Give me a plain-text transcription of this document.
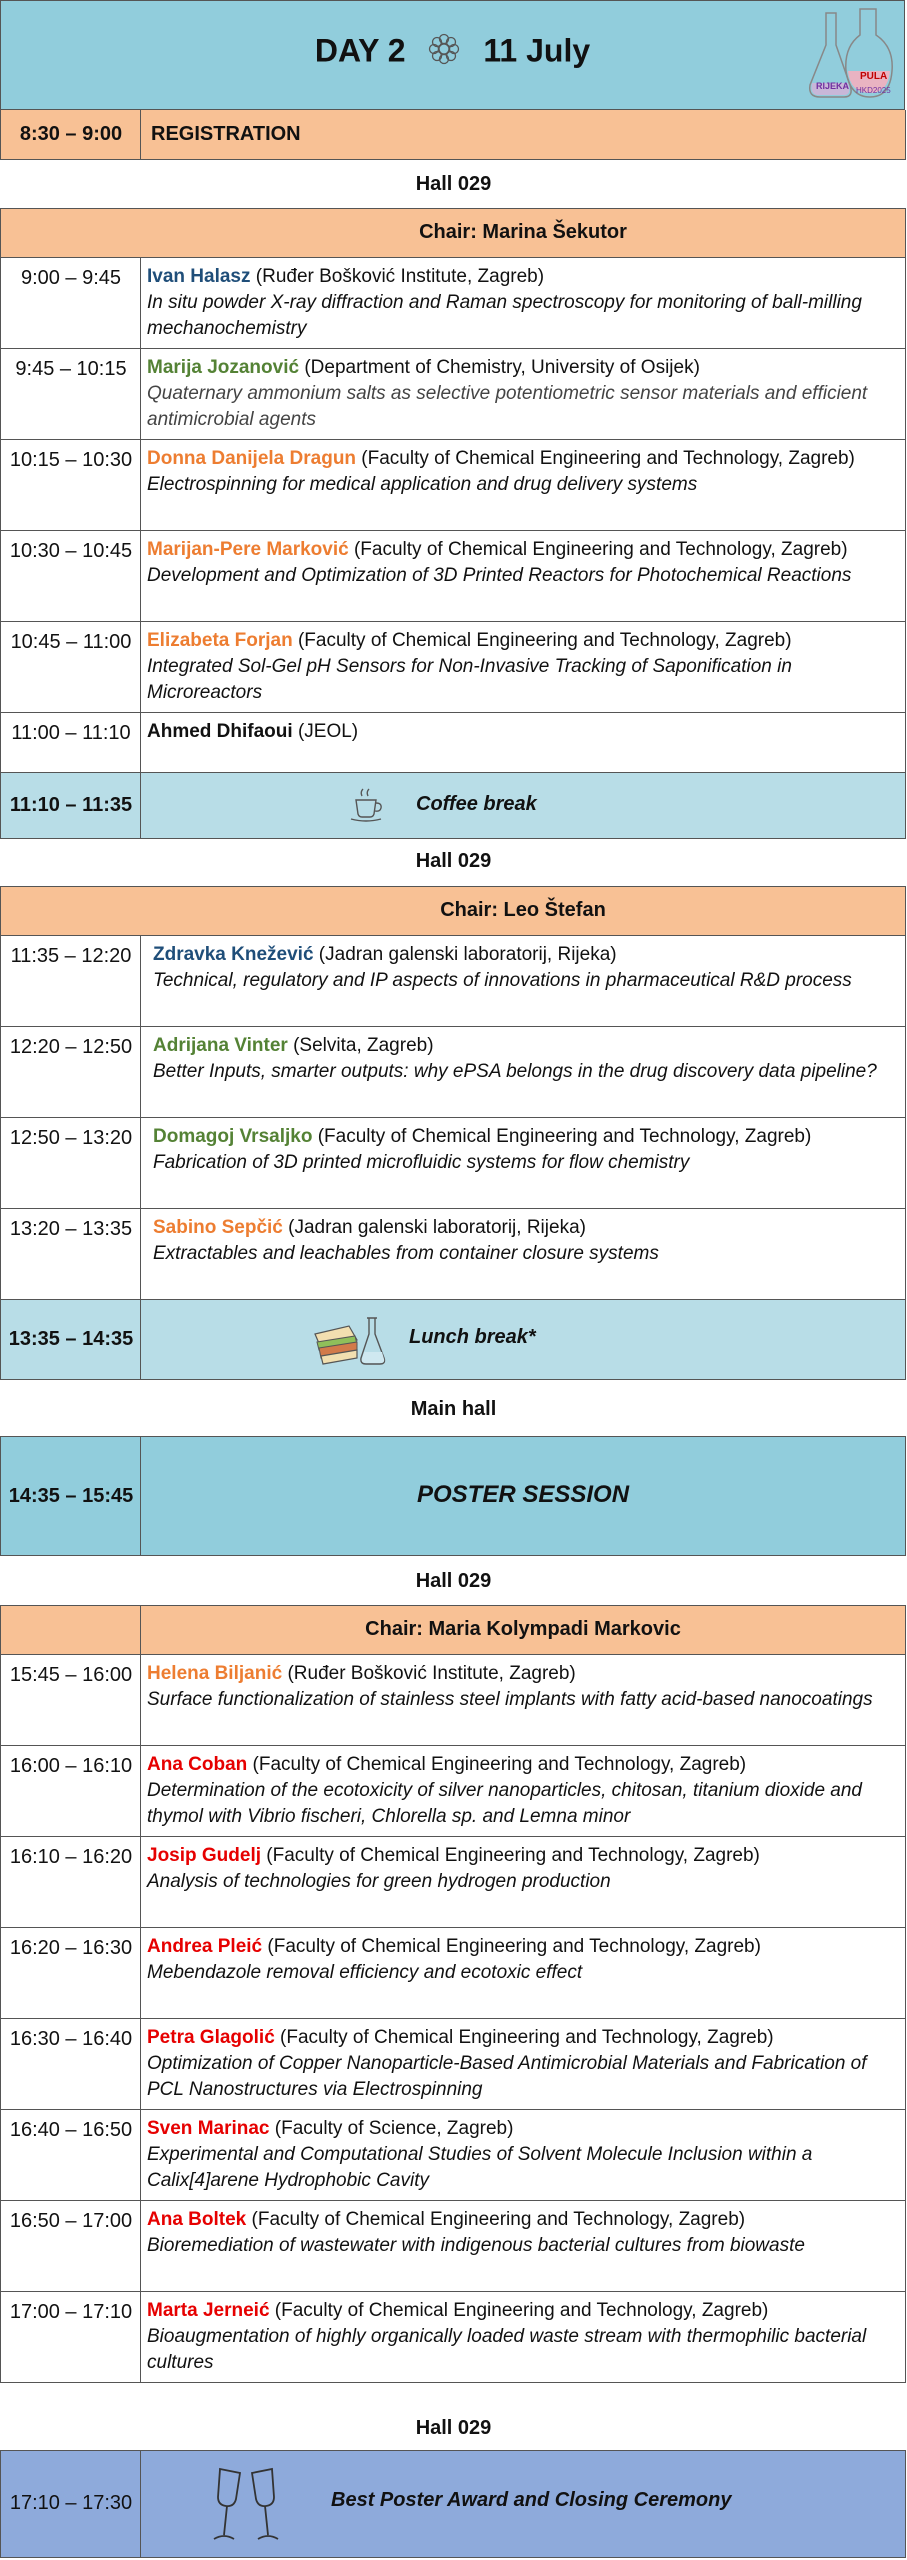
DAY 2 11 July
RIJEKA
PULA
HKD2025
8:30 – 9:00	REGISTRATION
Hall 029
Chair: Marina Šekutor
9:00 – 9:45	Ivan Halasz (Ruđer Bošković Institute, Zagreb)
In situ powder X-ray diffraction and Raman spectroscopy for monitoring of ball-milling mechanochemistry
9:45 – 10:15	Marija Jozanović (Department of Chemistry, University of Osijek)
Quaternary ammonium salts as selective potentiometric sensor materials and efficient antimicrobial agents
10:15 – 10:30 Donna Danijela Dragun (Faculty of Chemical Engineering and Technology, Zagreb)
Electrospinning for medical application and drug delivery systems
10:30 – 10:45 Marijan-Pere Marković (Faculty of Chemical Engineering and Technology, Zagreb)
Development and Optimization of 3D Printed Reactors for Photochemical Reactions
10:45 – 11:00 Elizabeta Forjan (Faculty of Chemical Engineering and Technology, Zagreb)
Integrated Sol-Gel pH Sensors for Non-Invasive Tracking of Saponification in Microreactors
11:00 – 11:10 Ahmed Dhifaoui (JEOL)
11:10 – 11:35	Coffee break
Hall 029
Chair: Leo Štefan
11:35 – 12:20	Zdravka Knežević (Jadran galenski laboratorij, Rijeka)
Technical, regulatory and IP aspects of innovations in pharmaceutical R&D process
12:20 – 12:50	Adrijana Vinter (Selvita, Zagreb)
Better Inputs, smarter outputs: why ePSA belongs in the drug discovery data pipeline?
12:50 – 13:20	Domagoj Vrsaljko (Faculty of Chemical Engineering and Technology, Zagreb)
Fabrication of 3D printed microfluidic systems for flow chemistry
13:20 – 13:35	Sabino Sepčić (Jadran galenski laboratorij, Rijeka)
Extractables and leachables from container closure systems
13:35 – 14:35	Lunch break*
Main hall
14:35 – 15:45	POSTER SESSION
Hall 029
Chair: Maria Kolympadi Markovic
15:45 – 16:00 Helena Biljanić (Ruđer Bošković Institute, Zagreb)
Surface functionalization of stainless steel implants with fatty acid-based nanocoatings
16:00 – 16:10 Ana Coban (Faculty of Chemical Engineering and Technology, Zagreb)
Determination of the ecotoxicity of silver nanoparticles, chitosan, titanium dioxide and thymol with Vibrio fischeri, Chlorella sp. and Lemna minor
16:10 – 16:20 Josip Gudelj (Faculty of Chemical Engineering and Technology, Zagreb)
Analysis of technologies for green hydrogen production
16:20 – 16:30 Andrea Pleić (Faculty of Chemical Engineering and Technology, Zagreb)
Mebendazole removal efficiency and ecotoxic effect
16:30 – 16:40 Petra Glagolić (Faculty of Chemical Engineering and Technology, Zagreb)
Optimization of Copper Nanoparticle-Based Antimicrobial Materials and Fabrication of PCL Nanostructures via Electrospinning
16:40 – 16:50 Sven Marinac (Faculty of Science, Zagreb)
Experimental and Computational Studies of Solvent Molecule Inclusion within a Calix[4]arene Hydrophobic Cavity
16:50 – 17:00 Ana Boltek (Faculty of Chemical Engineering and Technology, Zagreb)
Bioremediation of wastewater with indigenous bacterial cultures from biowaste
17:00 – 17:10 Marta Jerneić (Faculty of Chemical Engineering and Technology, Zagreb)
Bioaugmentation of highly organically loaded waste stream with thermophilic bacterial cultures
Hall 029
17:10 – 17:30	Best Poster Award and Closing Ceremony
